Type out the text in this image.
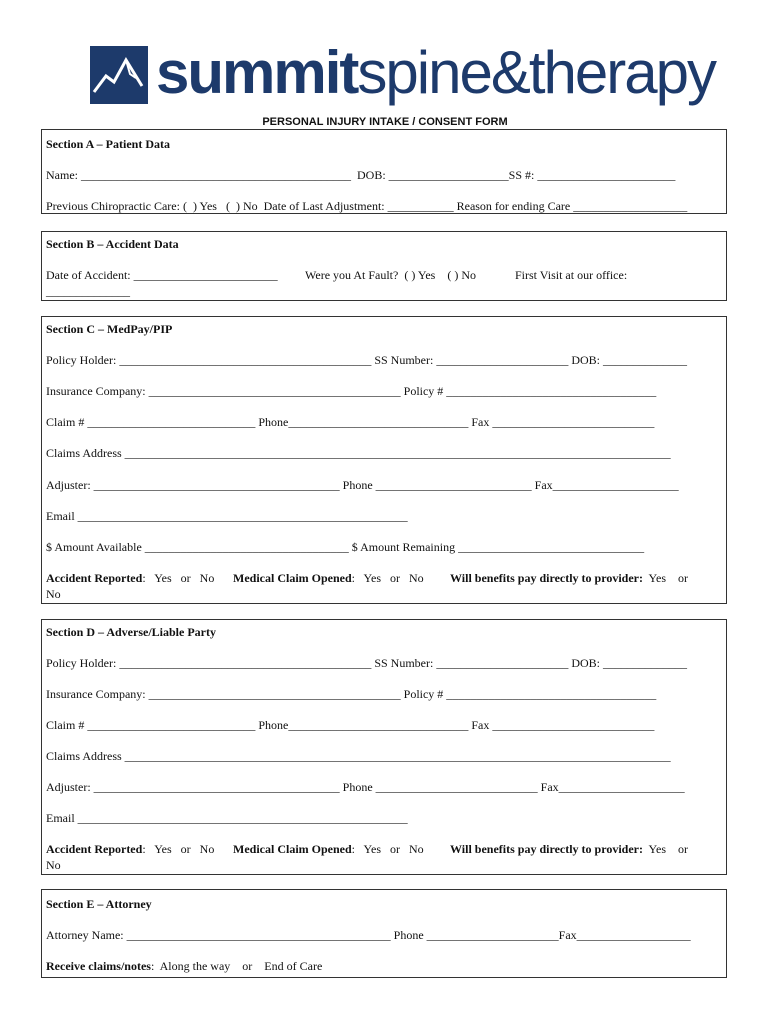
summitspine&therapy
PERSONAL INJURY INTAKE / CONSENT FORM
Section A – Patient Data
Name: _____________________________________________  DOB: ____________________SS #: _______________________
Previous Chiropractic Care: (  ) Yes   (  ) No  Date of Last Adjustment: ___________ Reason for ending Care ___________________
Section B – Accident Data
Date of Accident: ________________________ Were you At Fault?  ( ) Yes    ( ) No	First Visit at our office:
______________
Section C – MedPay/PIP
Policy Holder: __________________________________________ SS Number: ______________________ DOB: ______________
Insurance Company: __________________________________________ Policy # ___________________________________
Claim # ____________________________ Phone______________________________ Fax ___________________________
Claims Address ___________________________________________________________________________________________
Adjuster: _________________________________________ Phone __________________________ Fax_____________________
Email _______________________________________________________
$ Amount Available __________________________________ $ Amount Remaining _______________________________
Accident Reported:   Yes   or   No Medical Claim Opened:   Yes   or   No Will benefits pay directly to provider:  Yes    or
No
Section D – Adverse/Liable Party
Policy Holder: __________________________________________ SS Number: ______________________ DOB: ______________
Insurance Company: __________________________________________ Policy # ___________________________________
Claim # ____________________________ Phone______________________________ Fax ___________________________
Claims Address ___________________________________________________________________________________________
Adjuster: _________________________________________ Phone ___________________________ Fax_____________________
Email _______________________________________________________
Accident Reported:   Yes   or   No Medical Claim Opened:   Yes   or   No Will benefits pay directly to provider:  Yes    or
No
Section E – Attorney
Attorney Name: ____________________________________________ Phone ______________________Fax___________________
Receive claims/notes:  Along the way    or    End of Care
